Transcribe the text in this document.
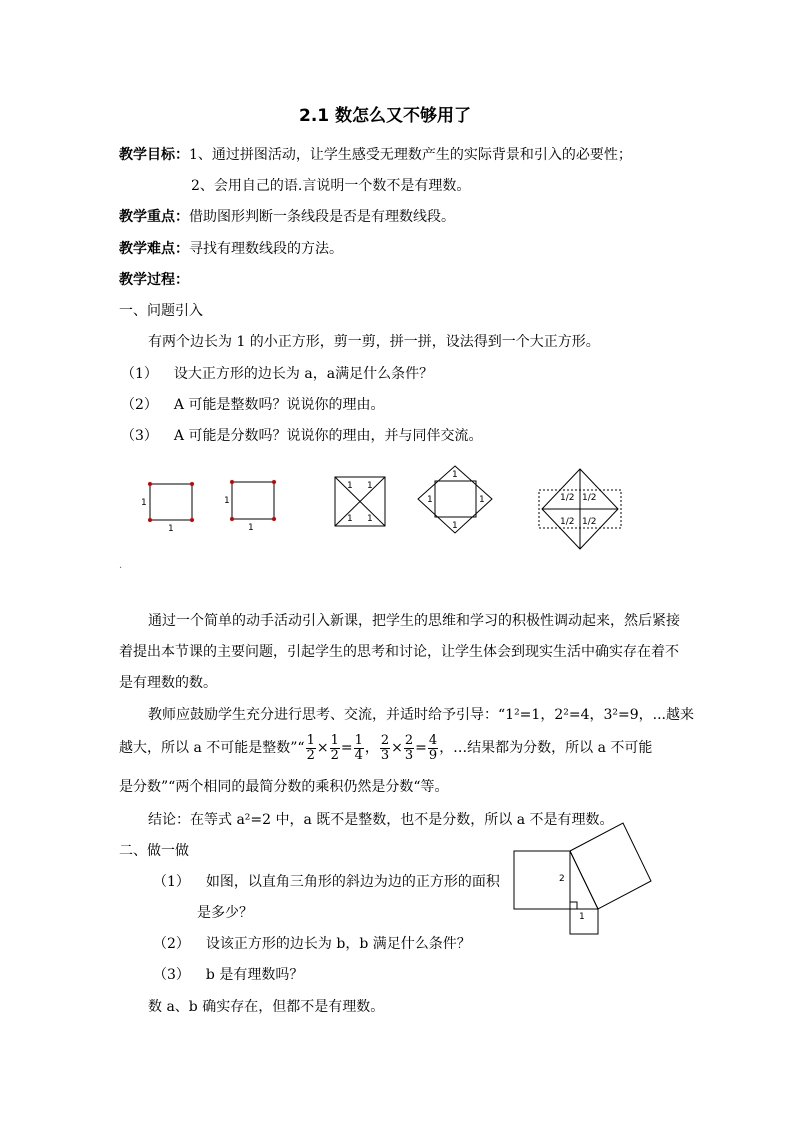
2.1 数怎么又不够用了
教学目标：1、通过拼图活动，让学生感受无理数产生的实际背景和引入的必要性；
2、会用自己的语.言说明一个数不是有理数。
教学重点：借助图形判断一条线段是否是有理数线段。
教学难点：寻找有理数线段的方法。
教学过程：
一、问题引入
有两个边长为 1 的小正方形，剪一剪，拼一拼，设法得到一个大正方形。
（1） 设大正方形的边长为 a，a满足什么条件？
（2） A 可能是整数吗？说说你的理由。
（3） A 可能是分数吗？说说你的理由，并与同伴交流。
1
1
1
1
1 1
1 1
1
1	1
1
1/2 1/2
1/2 1/2
.
通过一个简单的动手活动引入新课，把学生的思维和学习的积极性调动起来，然后紧接
着提出本节课的主要问题，引起学生的思考和讨论，让学生体会到现实生活中确实存在着不
是有理数的数。
教师应鼓励学生充分进行思考、交流，并适时给予引导：“1²=1，2²=4，3²=9，...越来
越大，所以 a 不可能是整数”“ $\frac{1}{2} \times \frac{1}{2} = \frac{1}{4}$ ， $\frac{2}{3} \times \frac{2}{3} = \frac{4}{9}$ ，…结果都为分数，所以 a 不可能
是分数”“两个相同的最简分数的乘积仍然是分数“等。
结论：在等式 a²=2 中，a 既不是整数，也不是分数，所以 a 不是有理数。
二、做一做
（1） 如图，以直角三角形的斜边为边的正方形的面积
是多少？
（2） 设该正方形的边长为 b，b 满足什么条件？
（3） b 是有理数吗？
数 a、b 确实存在，但都不是有理数。
2
1
